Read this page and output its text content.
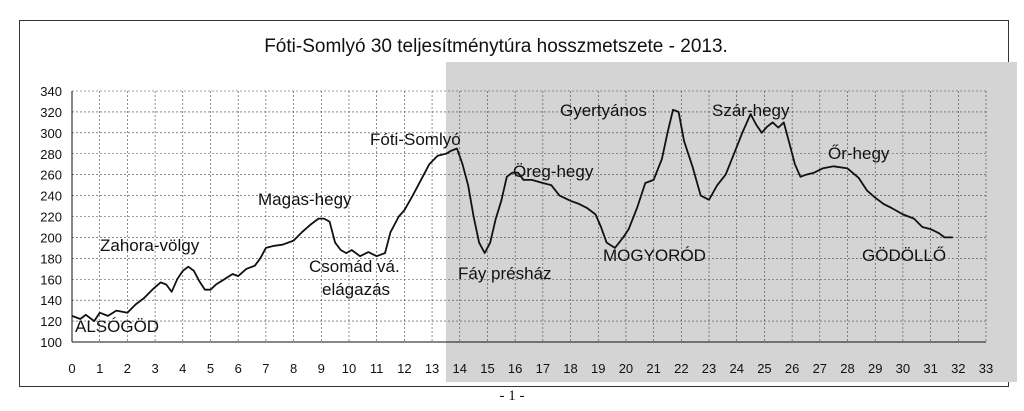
Fóti-Somlyó 30 teljesítménytúra hosszmetszete - 2013.
0 1 2 3 4 5 6 7 8 9 10 11 12 13 14 15 16 17 18 19 20 21 22 23 24 25 26 27 28 29 30 31 32 33
100
120
140
160
180
200
220
240
260
280
300
320
340
Zahora-völgy
ALSÓGÖD
Magas-hegy
Csomád vá.
elágazás
Fóti-Somlyó
Fáy présház
Öreg-hegy
MOGYORÓD
Gyertyános	Szár-hegy
Őr-hegy
GÖDÖLLŐ
- 1 -
